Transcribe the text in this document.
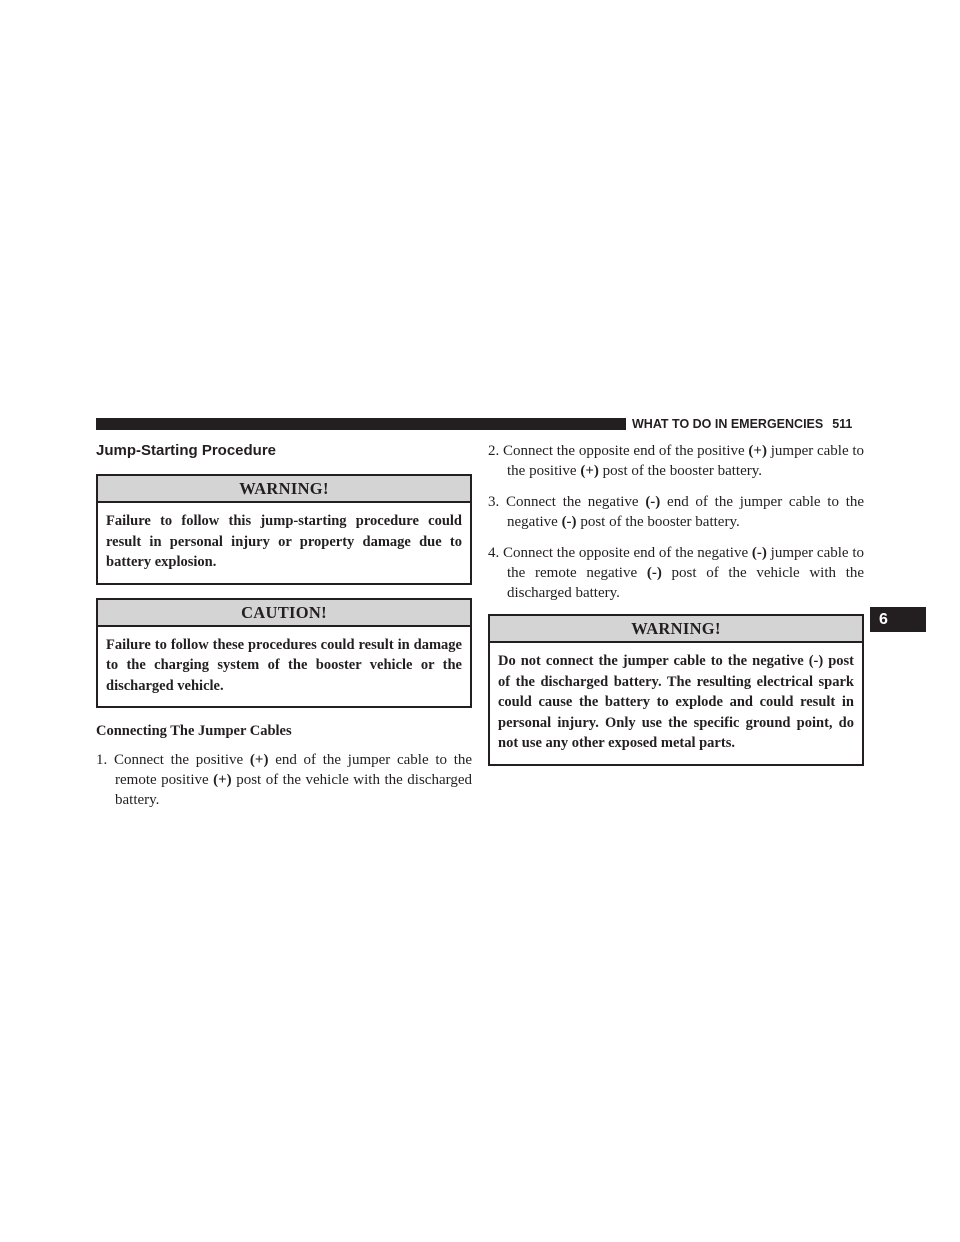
WHAT TO DO IN EMERGENCIES 511
6
Jump-Starting Procedure
WARNING!
Failure to follow this jump-starting procedure could result in personal injury or property damage due to battery explosion.
CAUTION!
Failure to follow these procedures could result in damage to the charging system of the booster vehicle or the discharged vehicle.
Connecting The Jumper Cables
1. Connect the positive (+) end of the jumper cable to the remote positive (+) post of the vehicle with the discharged battery.
2. Connect the opposite end of the positive (+) jumper cable to the positive (+) post of the booster battery.
3. Connect the negative (-) end of the jumper cable to the negative (-) post of the booster battery.
4. Connect the opposite end of the negative (-) jumper cable to the remote negative (-) post of the vehicle with the discharged battery.
WARNING!
Do not connect the jumper cable to the negative (-) post of the discharged battery. The resulting electrical spark could cause the battery to explode and could result in personal injury. Only use the specific ground point, do not use any other exposed metal parts.
